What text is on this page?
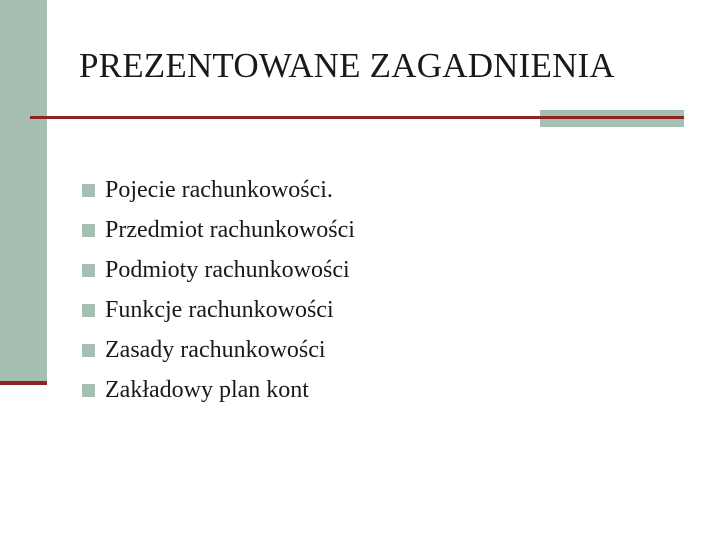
PREZENTOWANE ZAGADNIENIA
Pojecie rachunkowości.
Przedmiot rachunkowości
Podmioty rachunkowości
Funkcje rachunkowości
Zasady rachunkowości
Zakładowy plan kont
